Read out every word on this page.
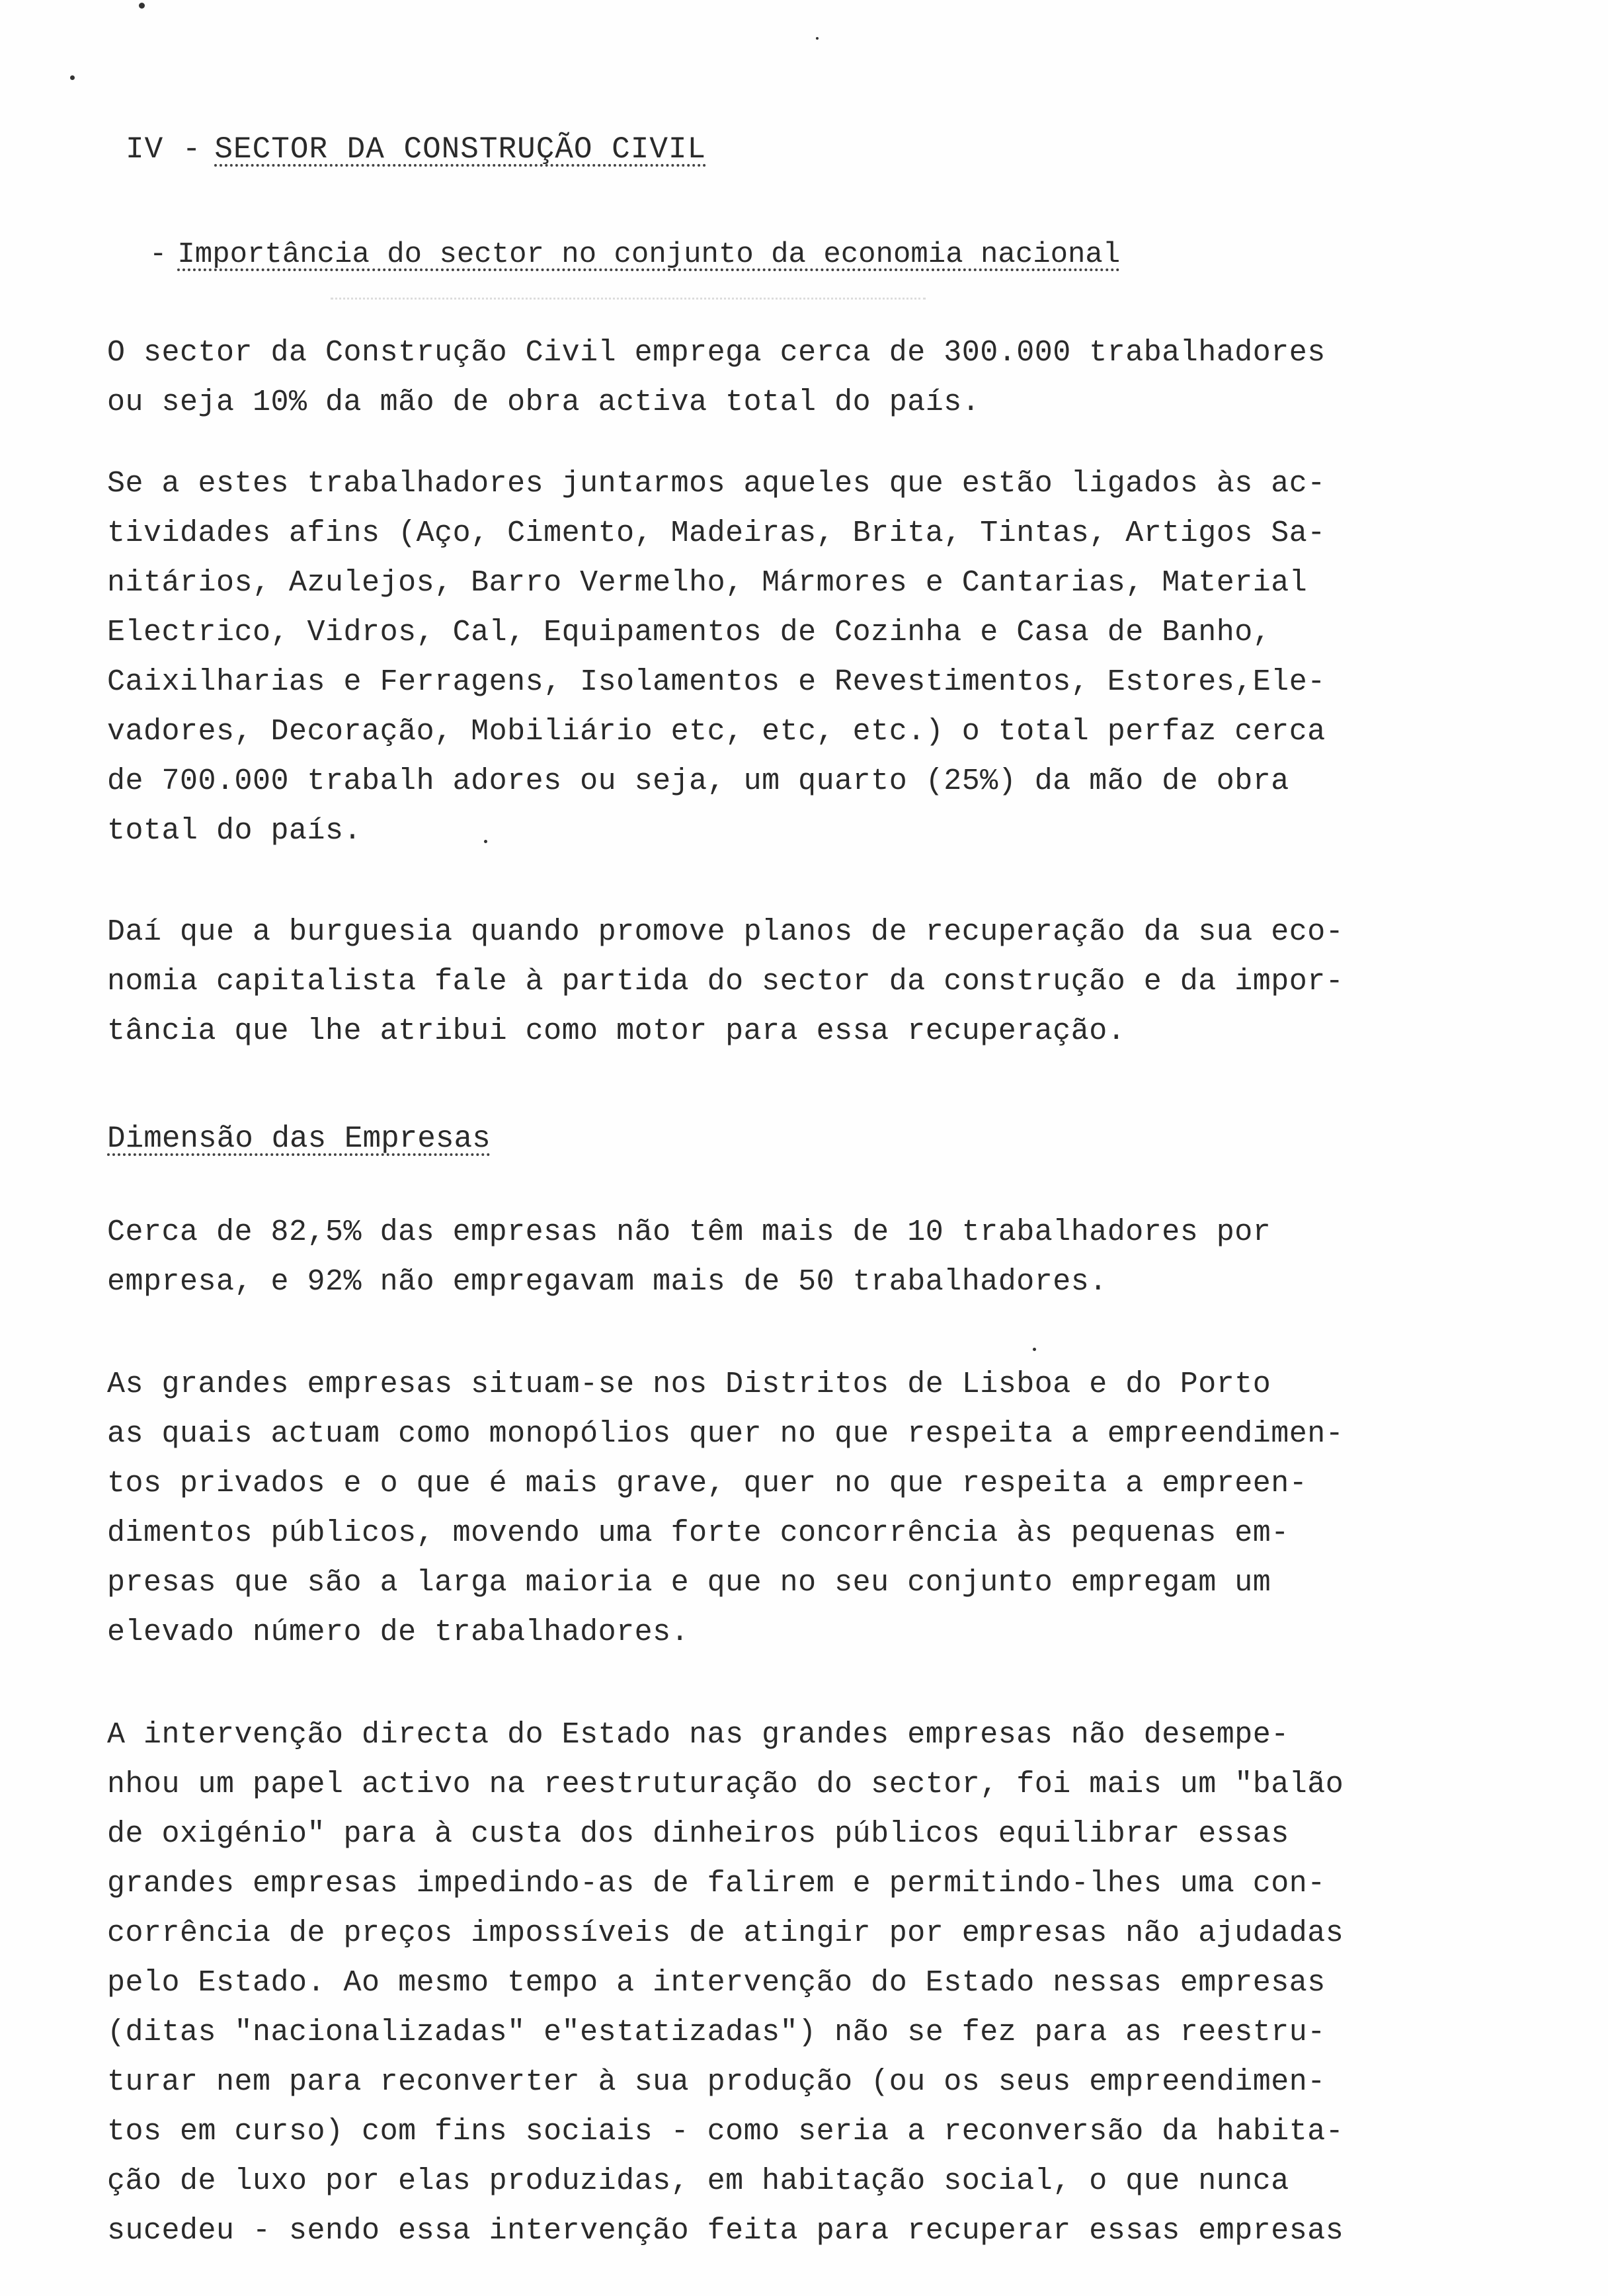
IV - SECTOR DA CONSTRUÇÃO CIVIL
- Importância do sector no conjunto da economia nacional
O sector da Construção Civil emprega cerca de 300.000 trabalhadores
ou seja 10% da mão de obra activa total do país.
Se a estes trabalhadores juntarmos aqueles que estão ligados às ac-
tividades afins (Aço, Cimento, Madeiras, Brita, Tintas, Artigos Sa-
nitários, Azulejos, Barro Vermelho, Mármores e Cantarias, Material
Electrico, Vidros, Cal, Equipamentos de Cozinha e Casa de Banho,
Caixilharias e Ferragens, Isolamentos e Revestimentos, Estores,Ele-
vadores, Decoração, Mobiliário etc, etc, etc.) o total perfaz cerca
de 700.000 trabalh adores ou seja, um quarto (25%) da mão de obra
total do país.
Daí que a burguesia quando promove planos de recuperação da sua eco-
nomia capitalista fale à partida do sector da construção e da impor-
tância que lhe atribui como motor para essa recuperação.
Dimensão das Empresas
Cerca de 82,5% das empresas não têm mais de 10 trabalhadores por
empresa, e 92% não empregavam mais de 50 trabalhadores.
As grandes empresas situam-se nos Distritos de Lisboa e do Porto
as quais actuam como monopólios quer no que respeita a empreendimen-
tos privados e o que é mais grave, quer no que respeita a empreen-
dimentos públicos, movendo uma forte concorrência às pequenas em-
presas que são a larga maioria e que no seu conjunto empregam um
elevado número de trabalhadores.
A intervenção directa do Estado nas grandes empresas não desempe-
nhou um papel activo na reestruturação do sector, foi mais um "balão
de oxigénio" para à custa dos dinheiros públicos equilibrar essas
grandes empresas impedindo-as de falirem e permitindo-lhes uma con-
corrência de preços impossíveis de atingir por empresas não ajudadas
pelo Estado. Ao mesmo tempo a intervenção do Estado nessas empresas
(ditas "nacionalizadas" e"estatizadas") não se fez para as reestru-
turar nem para reconverter à sua produção (ou os seus empreendimen-
tos em curso) com fins sociais - como seria a reconversão da habita-
ção de luxo por elas produzidas, em habitação social, o que nunca
sucedeu - sendo essa intervenção feita para recuperar essas empresas
